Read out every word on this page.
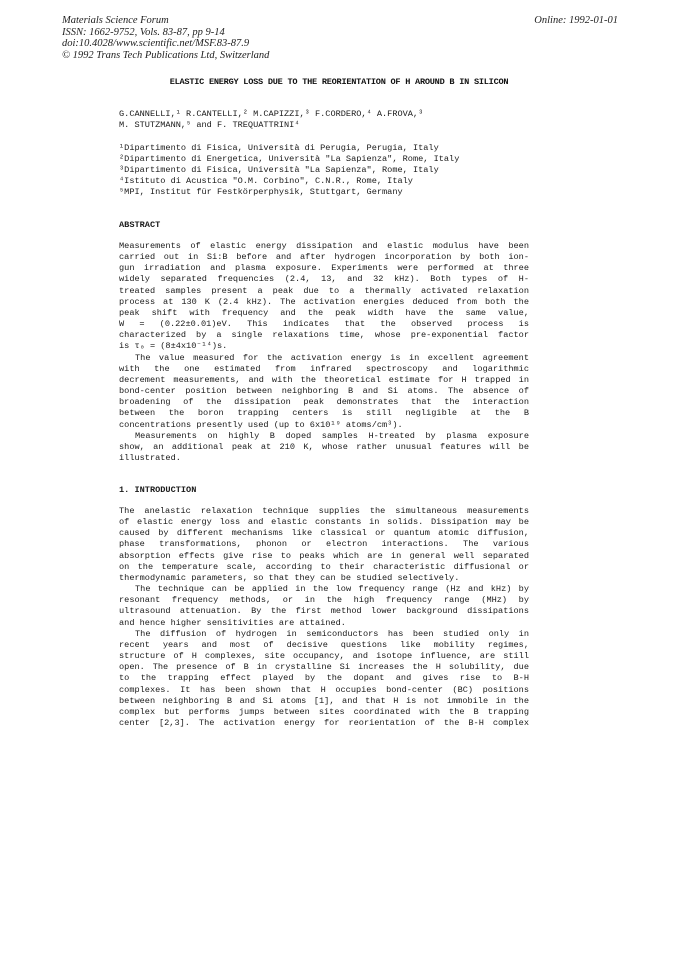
​
Materials Science Forum
ISSN: 1662-9752, Vols. 83-87, pp 9-14
doi:10.4028/www.scientific.net/MSF.83-87.9
© 1992 Trans Tech Publications Ltd, Switzerland
Online: 1992-01-01
ELASTIC ENERGY LOSS DUE TO THE REORIENTATION OF H AROUND B IN SILICON
G.CANNELLI,¹ R.CANTELLI,² M.CAPIZZI,³ F.CORDERO,⁴ A.FROVA,³
M. STUTZMANN,⁵ and F. TREQUATTRINI⁴
¹Dipartimento di Fisica, Università di Perugia, Perugia, Italy
²Dipartimento di Energetica, Università "La Sapienza", Rome, Italy
³Dipartimento di Fisica, Università "La Sapienza", Rome, Italy
⁴Istituto di Acustica "O.M. Corbino", C.N.R., Rome, Italy
⁵MPI, Institut für Festkörperphysik, Stuttgart, Germany
ABSTRACT
Measurements of elastic energy dissipation and elastic modulus have been
carried out in Si:B before and after hydrogen incorporation by both ion-
gun irradiation and plasma exposure. Experiments were performed at three
widely separated frequencies (2.4, 13, and 32 kHz). Both types of H-
treated samples present a peak due to a thermally activated relaxation
process at 130 K (2.4 kHz). The activation energies deduced from both the
peak shift with frequency and the peak width have the same value,
W = (0.22±0.01)eV. This indicates that the observed process is
characterized by a single relaxations time, whose pre-exponential factor
is τ₀ = (8±4x10⁻¹⁴)s.
The value measured for the activation energy is in excellent agreement
with the one estimated from infrared spectroscopy and logarithmic
decrement measurements, and with the theoretical estimate for H trapped in
bond-center position between neighboring B and Si atoms. The absence of
broadening of the dissipation peak demonstrates that the interaction
between the boron trapping centers is still negligible at the B
concentrations presently used (up to 6x10¹⁹ atoms/cm³).
Measurements on highly B doped samples H-treated by plasma exposure
show, an additional peak at 210 K, whose rather unusual features will be
illustrated.
1. INTRODUCTION
The anelastic relaxation technique supplies the simultaneous measurements
of elastic energy loss and elastic constants in solids. Dissipation may be
caused by different mechanisms like classical or quantum atomic diffusion,
phase transformations, phonon or electron interactions. The various
absorption effects give rise to peaks which are in general well separated
on the temperature scale, according to their characteristic diffusional or
thermodynamic parameters, so that they can be studied selectively.
The technique can be applied in the low frequency range (Hz and kHz) by
resonant frequency methods, or in the high frequency range (MHz) by
ultrasound attenuation. By the first method lower background dissipations
and hence higher sensitivities are attained.
The diffusion of hydrogen in semiconductors has been studied only in
recent years and most of decisive questions like mobility regimes,
structure of H complexes, site occupancy, and isotope influence, are still
open. The presence of B in crystalline Si increases the H solubility, due
to the trapping effect played by the dopant and gives rise to B-H
complexes. It has been shown that H occupies bond-center (BC) positions
between neighboring B and Si atoms [1], and that H is not immobile in the
complex but performs jumps between sites coordinated with the B trapping
center [2,3]. The activation energy for reorientation of the B-H complex
